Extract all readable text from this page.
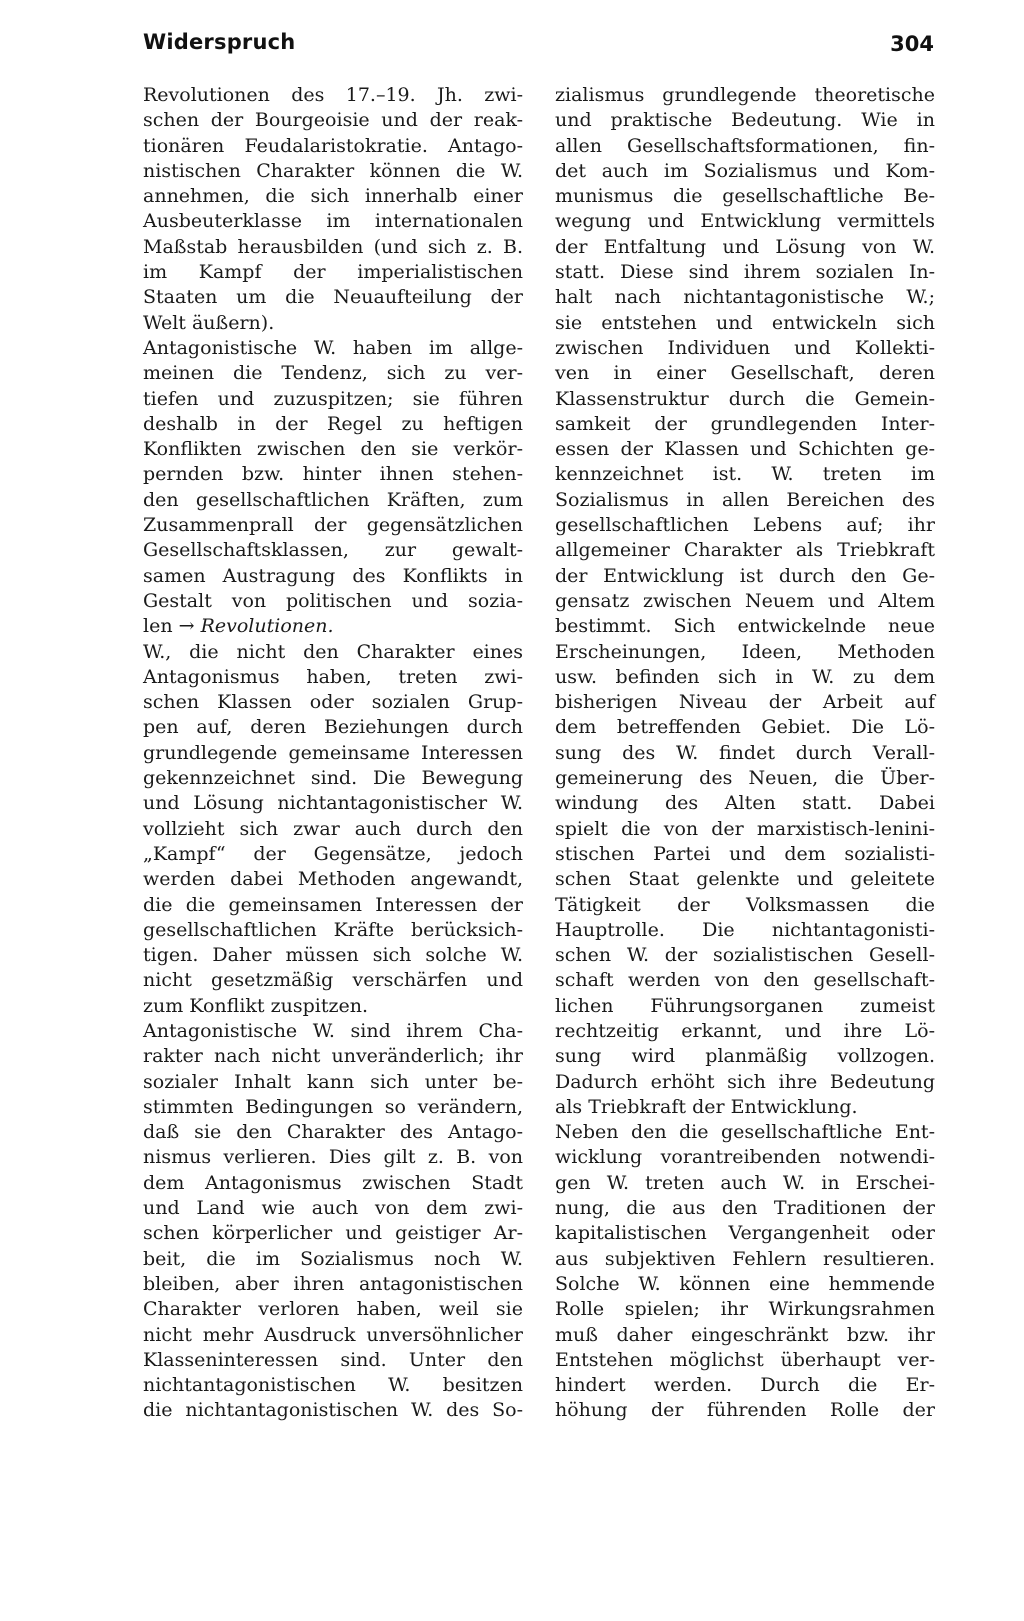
Widerspruch	304
Revolutionen des 17.–19. Jh. zwi-
schen der Bourgeoisie und der reak-
tionären Feudalaristokratie. Antago-
nistischen Charakter können die W.
annehmen, die sich innerhalb einer
Ausbeuterklasse im internationalen
Maßstab herausbilden (und sich z. B.
im Kampf der imperialistischen
Staaten um die Neuaufteilung der
Welt äußern).
Antagonistische W. haben im allge-
meinen die Tendenz, sich zu ver-
tiefen und zuzuspitzen; sie führen
deshalb in der Regel zu heftigen
Konflikten zwischen den sie verkör-
pernden bzw. hinter ihnen stehen-
den gesellschaftlichen Kräften, zum
Zusammenprall der gegensätzlichen
Gesellschaftsklassen, zur gewalt-
samen Austragung des Konflikts in
Gestalt von politischen und sozia-
len → Revolutionen.
W., die nicht den Charakter eines
Antagonismus haben, treten zwi-
schen Klassen oder sozialen Grup-
pen auf, deren Beziehungen durch
grundlegende gemeinsame Interessen
gekennzeichnet sind. Die Bewegung
und Lösung nichtantagonistischer W.
vollzieht sich zwar auch durch den
„Kampf“ der Gegensätze, jedoch
werden dabei Methoden angewandt,
die die gemeinsamen Interessen der
gesellschaftlichen Kräfte berücksich-
tigen. Daher müssen sich solche W.
nicht gesetzmäßig verschärfen und
zum Konflikt zuspitzen.
Antagonistische W. sind ihrem Cha-
rakter nach nicht unveränderlich; ihr
sozialer Inhalt kann sich unter be-
stimmten Bedingungen so verändern,
daß sie den Charakter des Antago-
nismus verlieren. Dies gilt z. B. von
dem Antagonismus zwischen Stadt
und Land wie auch von dem zwi-
schen körperlicher und geistiger Ar-
beit, die im Sozialismus noch W.
bleiben, aber ihren antagonistischen
Charakter verloren haben, weil sie
nicht mehr Ausdruck unversöhnlicher
Klasseninteressen sind. Unter den
nichtantagonistischen W. besitzen
die nichtantagonistischen W. des So-
zialismus grundlegende theoretische
und praktische Bedeutung. Wie in
allen Gesellschaftsformationen, fin-
det auch im Sozialismus und Kom-
munismus die gesellschaftliche Be-
wegung und Entwicklung vermittels
der Entfaltung und Lösung von W.
statt. Diese sind ihrem sozialen In-
halt nach nichtantagonistische W.;
sie entstehen und entwickeln sich
zwischen Individuen und Kollekti-
ven in einer Gesellschaft, deren
Klassenstruktur durch die Gemein-
samkeit der grundlegenden Inter-
essen der Klassen und Schichten ge-
kennzeichnet ist. W. treten im
Sozialismus in allen Bereichen des
gesellschaftlichen Lebens auf; ihr
allgemeiner Charakter als Triebkraft
der Entwicklung ist durch den Ge-
gensatz zwischen Neuem und Altem
bestimmt. Sich entwickelnde neue
Erscheinungen, Ideen, Methoden
usw. befinden sich in W. zu dem
bisherigen Niveau der Arbeit auf
dem betreffenden Gebiet. Die Lö-
sung des W. findet durch Verall-
gemeinerung des Neuen, die Über-
windung des Alten statt. Dabei
spielt die von der marxistisch-lenini-
stischen Partei und dem sozialisti-
schen Staat gelenkte und geleitete
Tätigkeit der Volksmassen die
Hauptrolle. Die nichtantagonisti-
schen W. der sozialistischen Gesell-
schaft werden von den gesellschaft-
lichen Führungsorganen zumeist
rechtzeitig erkannt, und ihre Lö-
sung wird planmäßig vollzogen.
Dadurch erhöht sich ihre Bedeutung
als Triebkraft der Entwicklung.
Neben den die gesellschaftliche Ent-
wicklung vorantreibenden notwendi-
gen W. treten auch W. in Erschei-
nung, die aus den Traditionen der
kapitalistischen Vergangenheit oder
aus subjektiven Fehlern resultieren.
Solche W. können eine hemmende
Rolle spielen; ihr Wirkungsrahmen
muß daher eingeschränkt bzw. ihr
Entstehen möglichst überhaupt ver-
hindert werden. Durch die Er-
höhung der führenden Rolle der
